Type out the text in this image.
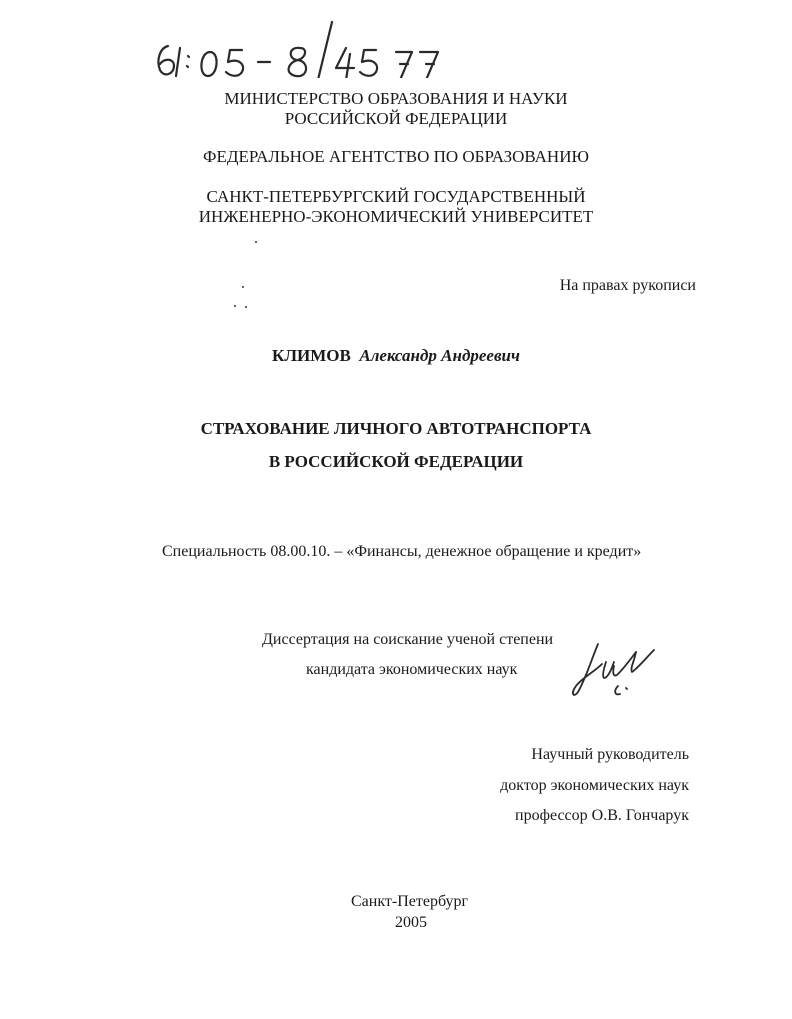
МИНИСТЕРСТВО ОБРАЗОВАНИЯ И НАУКИ
РОССИЙСКОЙ ФЕДЕРАЦИИ
ФЕДЕРАЛЬНОЕ АГЕНТСТВО ПО ОБРАЗОВАНИЮ
САНКТ-ПЕТЕРБУРГСКИЙ ГОСУДАРСТВЕННЫЙ
ИНЖЕНЕРНО-ЭКОНОМИЧЕСКИЙ УНИВЕРСИТЕТ
На правах рукописи
КЛИМОВ Александр Андреевич
СТРАХОВАНИЕ ЛИЧНОГО АВТОТРАНСПОРТА
В РОССИЙСКОЙ ФЕДЕРАЦИИ
Специальность 08.00.10. – «Финансы, денежное обращение и кредит»
Диссертация на соискание ученой степени
кандидата экономических наук
Научный руководитель
доктор экономических наук
профессор О.В. Гончарук
Санкт-Петербург
2005
